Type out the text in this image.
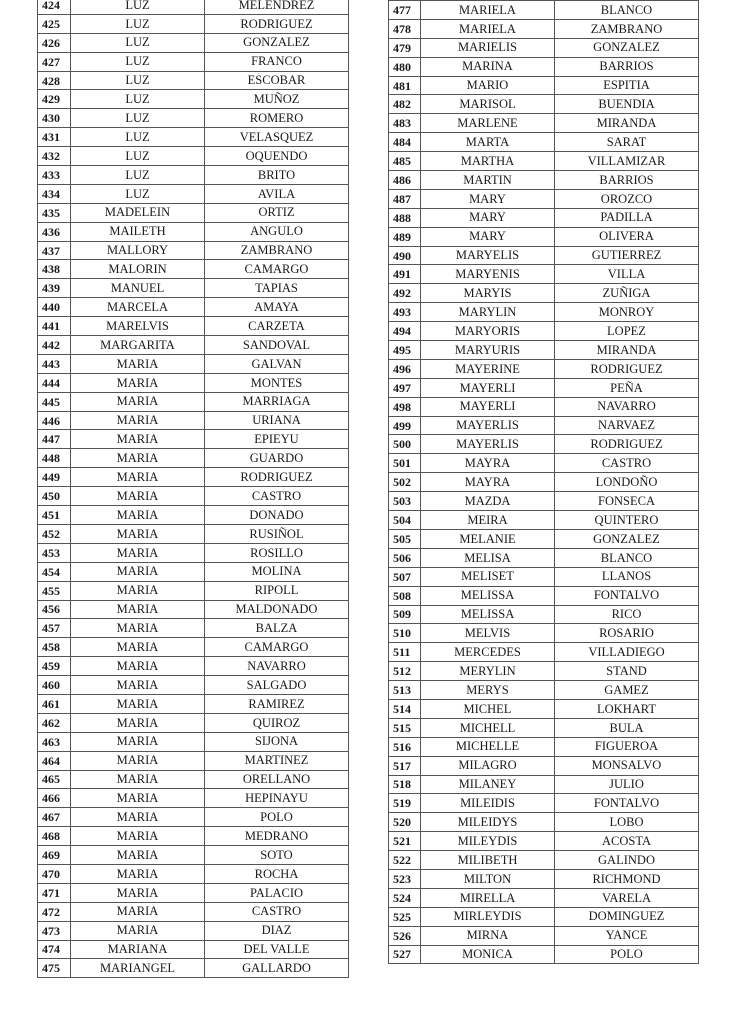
424	LUZ	MELENDREZ
425	LUZ	RODRIGUEZ
426	LUZ	GONZALEZ
427	LUZ	FRANCO
428	LUZ	ESCOBAR
429	LUZ	MUÑOZ
430	LUZ	ROMERO
431	LUZ	VELASQUEZ
432	LUZ	OQUENDO
433	LUZ	BRITO
434	LUZ	AVILA
435	MADELEIN	ORTIZ
436	MAILETH	ANGULO
437	MALLORY	ZAMBRANO
438	MALORIN	CAMARGO
439	MANUEL	TAPIAS
440	MARCELA	AMAYA
441	MARELVIS	CARZETA
442	MARGARITA	SANDOVAL
443	MARIA	GALVAN
444	MARIA	MONTES
445	MARIA	MARRIAGA
446	MARIA	URIANA
447	MARIA	EPIEYU
448	MARIA	GUARDO
449	MARIA	RODRIGUEZ
450	MARIA	CASTRO
451	MARIA	DONADO
452	MARIA	RUSIÑOL
453	MARIA	ROSILLO
454	MARIA	MOLINA
455	MARIA	RIPOLL
456	MARIA	MALDONADO
457	MARIA	BALZA
458	MARIA	CAMARGO
459	MARIA	NAVARRO
460	MARIA	SALGADO
461	MARIA	RAMIREZ
462	MARIA	QUIROZ
463	MARIA	SIJONA
464	MARIA	MARTINEZ
465	MARIA	ORELLANO
466	MARIA	HEPINAYU
467	MARIA	POLO
468	MARIA	MEDRANO
469	MARIA	SOTO
470	MARIA	ROCHA
471	MARIA	PALACIO
472	MARIA	CASTRO
473	MARIA	DIAZ
474	MARIANA	DEL VALLE
475	MARIANGEL	GALLARDO
477	MARIELA	BLANCO
478	MARIELA	ZAMBRANO
479	MARIELIS	GONZALEZ
480	MARINA	BARRIOS
481	MARIO	ESPITIA
482	MARISOL	BUENDIA
483	MARLENE	MIRANDA
484	MARTA	SARAT
485	MARTHA	VILLAMIZAR
486	MARTIN	BARRIOS
487	MARY	OROZCO
488	MARY	PADILLA
489	MARY	OLIVERA
490	MARYELIS	GUTIERREZ
491	MARYENIS	VILLA
492	MARYIS	ZUÑIGA
493	MARYLIN	MONROY
494	MARYORIS	LOPEZ
495	MARYURIS	MIRANDA
496	MAYERINE	RODRIGUEZ
497	MAYERLI	PEÑA
498	MAYERLI	NAVARRO
499	MAYERLIS	NARVAEZ
500	MAYERLIS	RODRIGUEZ
501	MAYRA	CASTRO
502	MAYRA	LONDOÑO
503	MAZDA	FONSECA
504	MEIRA	QUINTERO
505	MELANIE	GONZALEZ
506	MELISA	BLANCO
507	MELISET	LLANOS
508	MELISSA	FONTALVO
509	MELISSA	RICO
510	MELVIS	ROSARIO
511	MERCEDES	VILLADIEGO
512	MERYLIN	STAND
513	MERYS	GAMEZ
514	MICHEL	LOKHART
515	MICHELL	BULA
516	MICHELLE	FIGUEROA
517	MILAGRO	MONSALVO
518	MILANEY	JULIO
519	MILEIDIS	FONTALVO
520	MILEIDYS	LOBO
521	MILEYDIS	ACOSTA
522	MILIBETH	GALINDO
523	MILTON	RICHMOND
524	MIRELLA	VARELA
525	MIRLEYDIS	DOMINGUEZ
526	MIRNA	YANCE
527	MONICA	POLO
